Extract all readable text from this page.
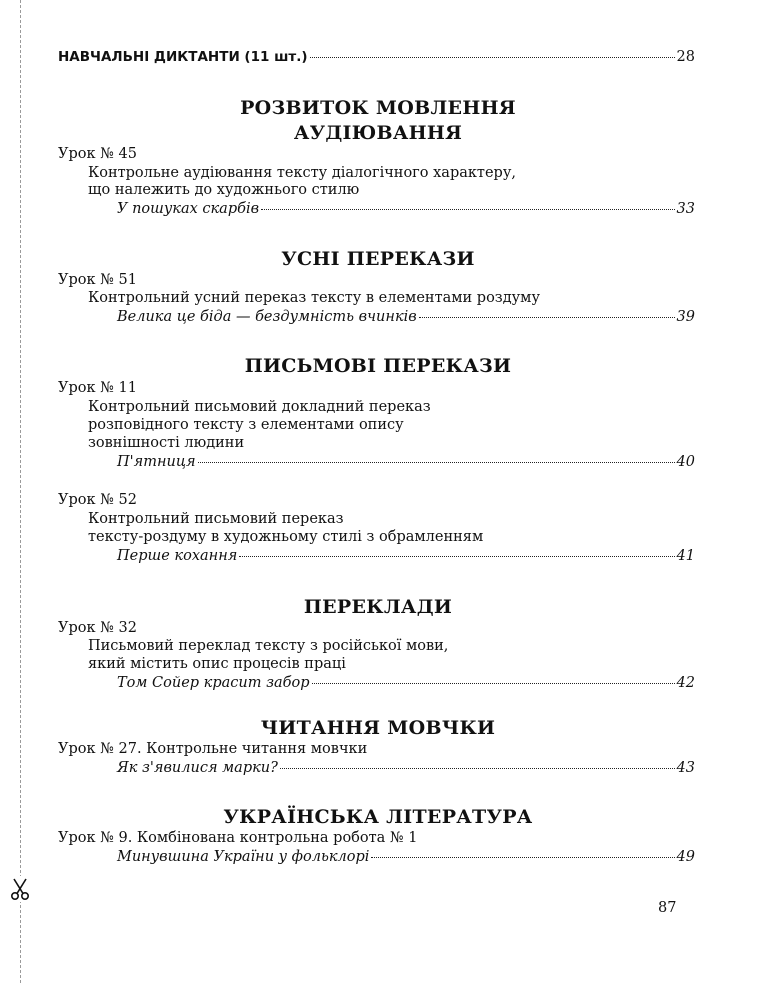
НАВЧАЛЬНІ ДИКТАНТИ (11 шт.)	28
РОЗВИТОК МОВЛЕННЯ
АУДІЮВАННЯ
Урок № 45
Контрольне аудіювання тексту діалогічного характеру,
що належить до художнього стилю
У пошуках скарбів	33
УСНІ ПЕРЕКАЗИ
Урок № 51
Контрольний усний переказ тексту в елементами роздуму
Велика це біда — бездумність вчинків	39
ПИСЬМОВІ ПЕРЕКАЗИ
Урок № 11
Контрольний письмовий докладний переказ
розповідного тексту з елементами опису
зовнішності людини
П'ятниця	40
Урок № 52
Контрольний письмовий переказ
тексту-роздуму в художньому стилі з обрамленням
Перше кохання	41
ПЕРЕКЛАДИ
Урок № 32
Письмовий переклад тексту з російської мови,
який містить опис процесів праці
Том Сойер красит забор	42
ЧИТАННЯ МОВЧКИ
Урок № 27. Контрольне читання мовчки
Як з'явилися марки?	43
УКРАЇНСЬКА ЛІТЕРАТУРА
Урок № 9. Комбінована контрольна робота № 1
Минувшина України у фольклорі	49
87
